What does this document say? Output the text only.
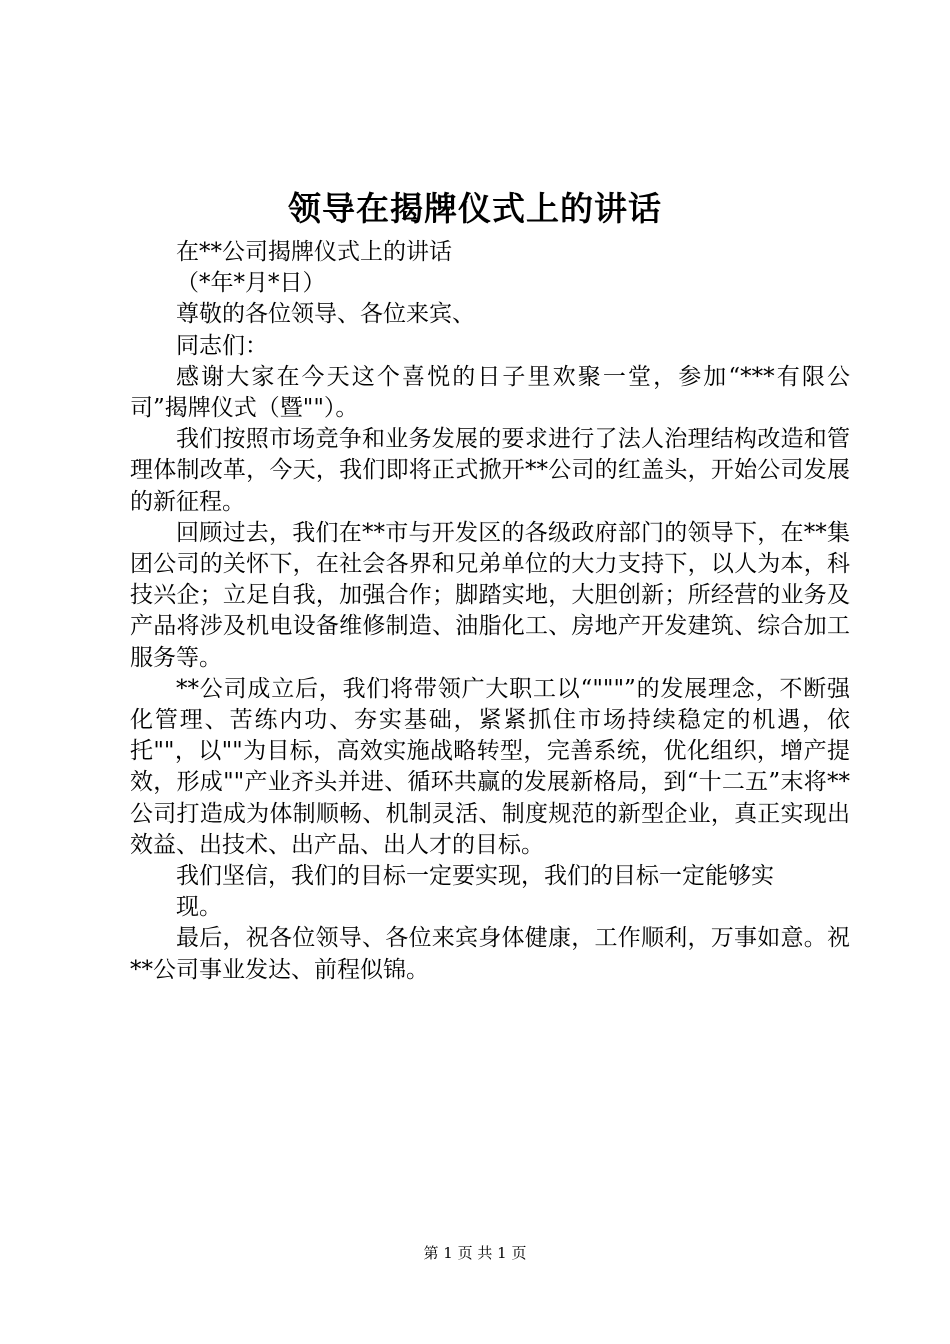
领导在揭牌仪式上的讲话

在**公司揭牌仪式上的讲话

（*年*月*日）

尊敬的各位领导、各位来宾、

同志们：

感谢大家在今天这个喜悦的日子里欢聚一堂，参加“***有限公司”揭牌仪式（暨""）。

我们按照市场竞争和业务发展的要求进行了法人治理结构改造和管理体制改革，今天，我们即将正式掀开**公司的红盖头，开始公司发展的新征程。

回顾过去，我们在**市与开发区的各级政府部门的领导下，在**集团公司的关怀下，在社会各界和兄弟单位的大力支持下，以人为本，科技兴企；立足自我，加强合作；脚踏实地，大胆创新；所经营的业务及产品将涉及机电设备维修制造、油脂化工、房地产开发建筑、综合加工服务等。

**公司成立后，我们将带领广大职工以“"""”的发展理念，不断强化管理、苦练内功、夯实基础，紧紧抓住市场持续稳定的机遇，依托""，以""为目标，高效实施战略转型，完善系统，优化组织，增产提效，形成""产业齐头并进、循环共赢的发展新格局，到“十二五”末将**公司打造成为体制顺畅、机制灵活、制度规范的新型企业，真正实现出效益、出技术、出产品、出人才的目标。

我们坚信，我们的目标一定要实现，我们的目标一定能够实

现。

最后，祝各位领导、各位来宾身体健康，工作顺利，万事如意。祝**公司事业发达、前程似锦。

第 1 页 共 1 页
